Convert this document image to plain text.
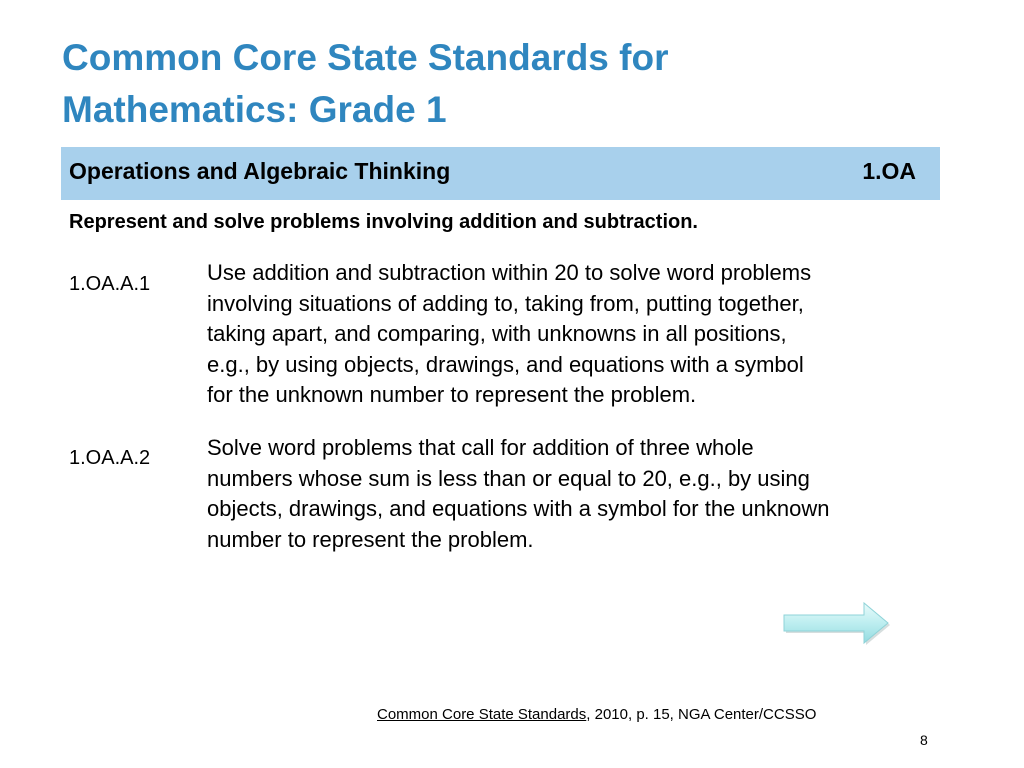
Common Core State Standards for
Mathematics: Grade 1
Operations and Algebraic Thinking	1.OA
Represent and solve problems involving addition and subtraction.
1.OA.A.1	Use addition and subtraction within 20 to solve word problems
involving situations of adding to, taking from, putting together,
taking apart, and comparing, with unknowns in all positions,
e.g., by using objects, drawings, and equations with a symbol
for the unknown number to represent the problem.
1.OA.A.2	Solve word problems that call for addition of three whole
numbers whose sum is less than or equal to 20, e.g., by using
objects, drawings, and equations with a symbol for the unknown
number to represent the problem.
Common Core State Standards, 2010, p. 15, NGA Center/CCSSO
8
